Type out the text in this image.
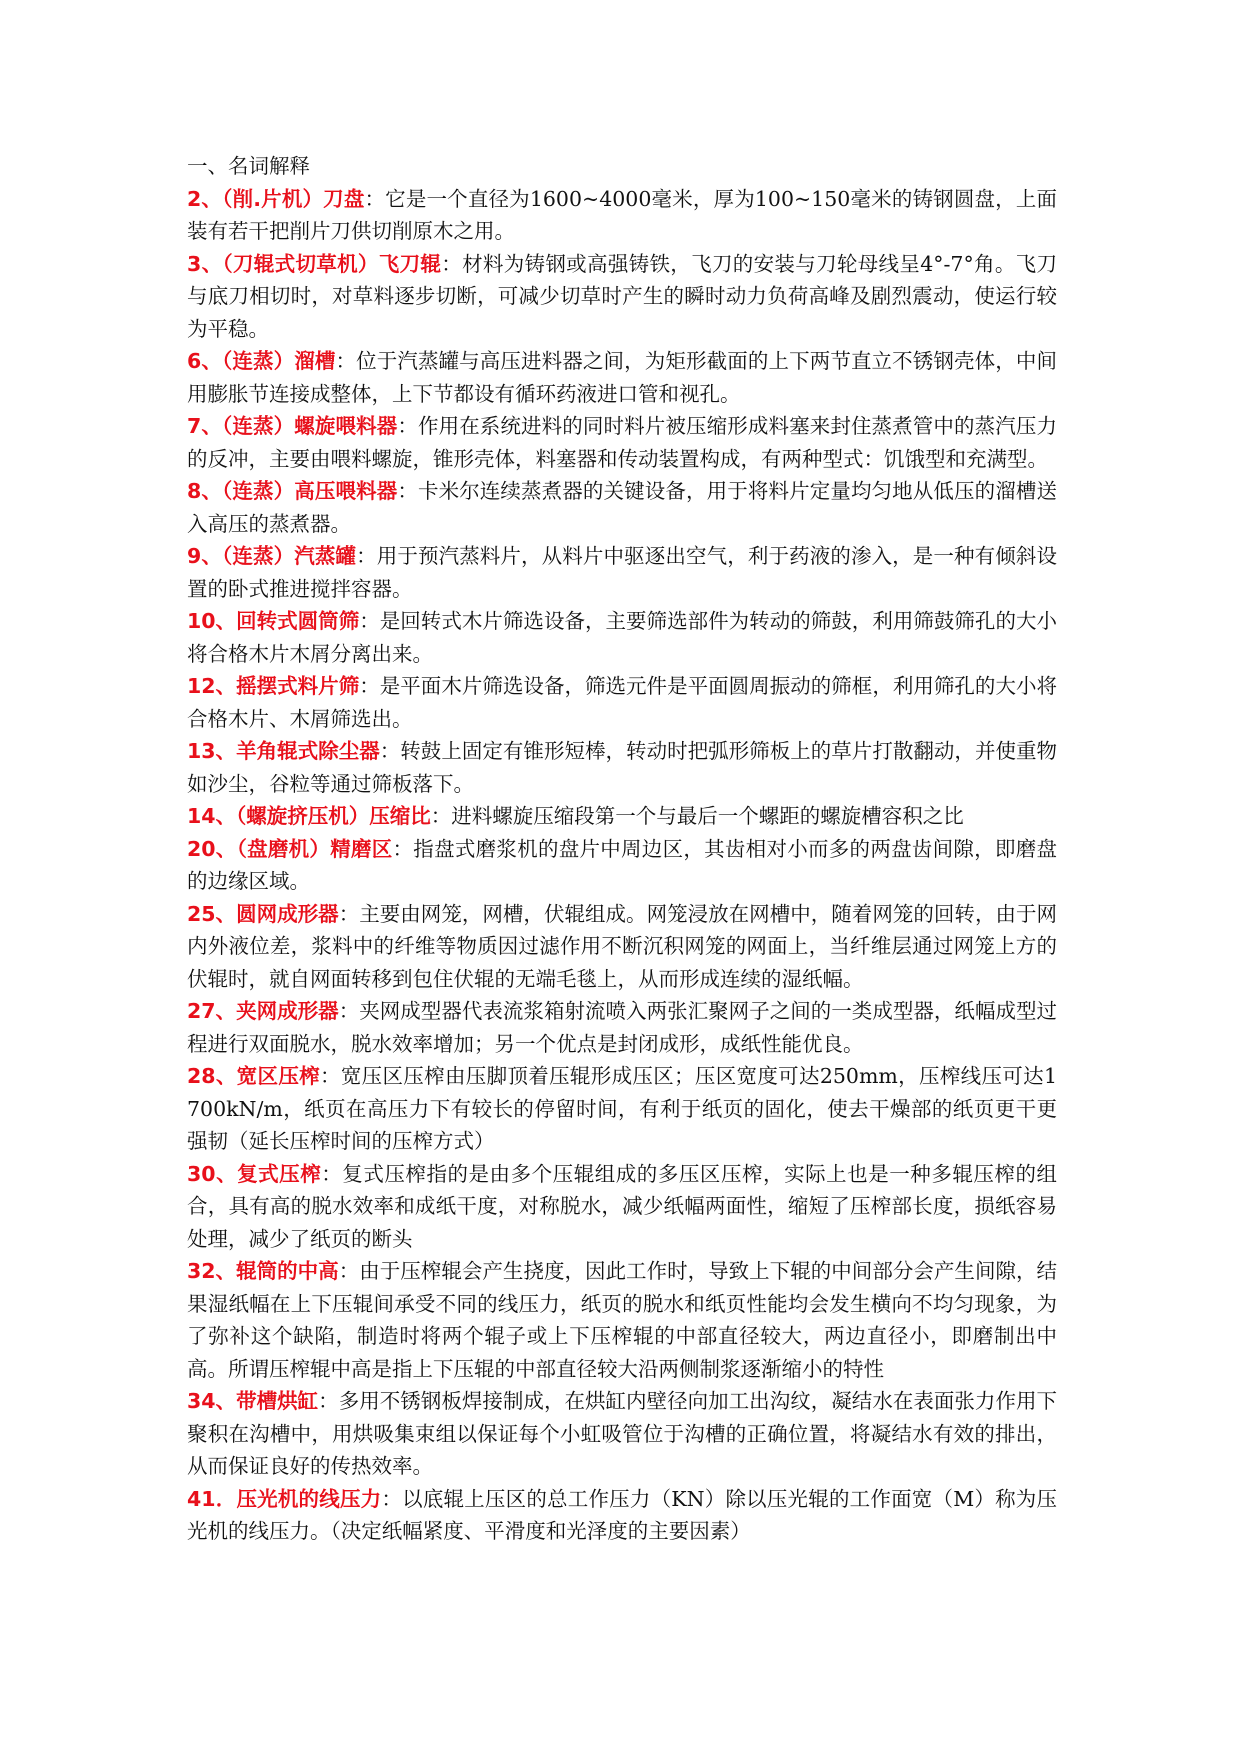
一、名词解释

2、（削.片机）刀盘：它是一个直径为1600~4000毫米，厚为100~150毫米的铸钢圆盘，上面装有若干把削片刀供切削原木之用。

3、（刀辊式切草机）飞刀辊：材料为铸钢或高强铸铁，飞刀的安装与刀轮母线呈4°-7°角。飞刀与底刀相切时，对草料逐步切断，可减少切草时产生的瞬时动力负荷高峰及剧烈震动，使运行较为平稳。

6、（连蒸）溜槽：位于汽蒸罐与高压进料器之间，为矩形截面的上下两节直立不锈钢壳体，中间用膨胀节连接成整体，上下节都设有循环药液进口管和视孔。

7、（连蒸）螺旋喂料器：作用在系统进料的同时料片被压缩形成料塞来封住蒸煮管中的蒸汽压力的反冲，主要由喂料螺旋，锥形壳体，料塞器和传动装置构成，有两种型式：饥饿型和充满型。

8、（连蒸）高压喂料器：卡米尔连续蒸煮器的关键设备，用于将料片定量均匀地从低压的溜槽送入高压的蒸煮器。

9、（连蒸）汽蒸罐：用于预汽蒸料片，从料片中驱逐出空气，利于药液的渗入，是一种有倾斜设置的卧式推进搅拌容器。

10、回转式圆筒筛：是回转式木片筛选设备，主要筛选部件为转动的筛鼓，利用筛鼓筛孔的大小将合格木片木屑分离出来。

12、摇摆式料片筛：是平面木片筛选设备，筛选元件是平面圆周振动的筛框，利用筛孔的大小将合格木片、木屑筛选出。

13、羊角辊式除尘器：转鼓上固定有锥形短棒，转动时把弧形筛板上的草片打散翻动，并使重物如沙尘，谷粒等通过筛板落下。

14、（螺旋挤压机）压缩比：进料螺旋压缩段第一个与最后一个螺距的螺旋槽容积之比

20、（盘磨机）精磨区：指盘式磨浆机的盘片中周边区，其齿相对小而多的两盘齿间隙，即磨盘的边缘区域。

25、圆网成形器：主要由网笼，网槽，伏辊组成。网笼浸放在网槽中，随着网笼的回转，由于网内外液位差，浆料中的纤维等物质因过滤作用不断沉积网笼的网面上，当纤维层通过网笼上方的伏辊时，就自网面转移到包住伏辊的无端毛毯上，从而形成连续的湿纸幅。

27、夹网成形器：夹网成型器代表流浆箱射流喷入两张汇聚网子之间的一类成型器，纸幅成型过程进行双面脱水，脱水效率增加；另一个优点是封闭成形，成纸性能优良。

28、宽区压榨：宽压区压榨由压脚顶着压辊形成压区；压区宽度可达250mm，压榨线压可达1700kN/m，纸页在高压力下有较长的停留时间，有利于纸页的固化，使去干燥部的纸页更干更强韧（延长压榨时间的压榨方式）

30、复式压榨：复式压榨指的是由多个压辊组成的多压区压榨，实际上也是一种多辊压榨的组合，具有高的脱水效率和成纸干度，对称脱水，减少纸幅两面性，缩短了压榨部长度，损纸容易处理，减少了纸页的断头

32、辊筒的中高：由于压榨辊会产生挠度，因此工作时，导致上下辊的中间部分会产生间隙，结果湿纸幅在上下压辊间承受不同的线压力，纸页的脱水和纸页性能均会发生横向不均匀现象，为了弥补这个缺陷，制造时将两个辊子或上下压榨辊的中部直径较大，两边直径小，即磨制出中高。所谓压榨辊中高是指上下压辊的中部直径较大沿两侧制浆逐渐缩小的特性

34、带槽烘缸：多用不锈钢板焊接制成，在烘缸内壁径向加工出沟纹，凝结水在表面张力作用下聚积在沟槽中，用烘吸集束组以保证每个小虹吸管位于沟槽的正确位置，将凝结水有效的排出，从而保证良好的传热效率。

41．压光机的线压力：以底辊上压区的总工作压力（KN）除以压光辊的工作面宽（M）称为压光机的线压力。（决定纸幅紧度、平滑度和光泽度的主要因素）
